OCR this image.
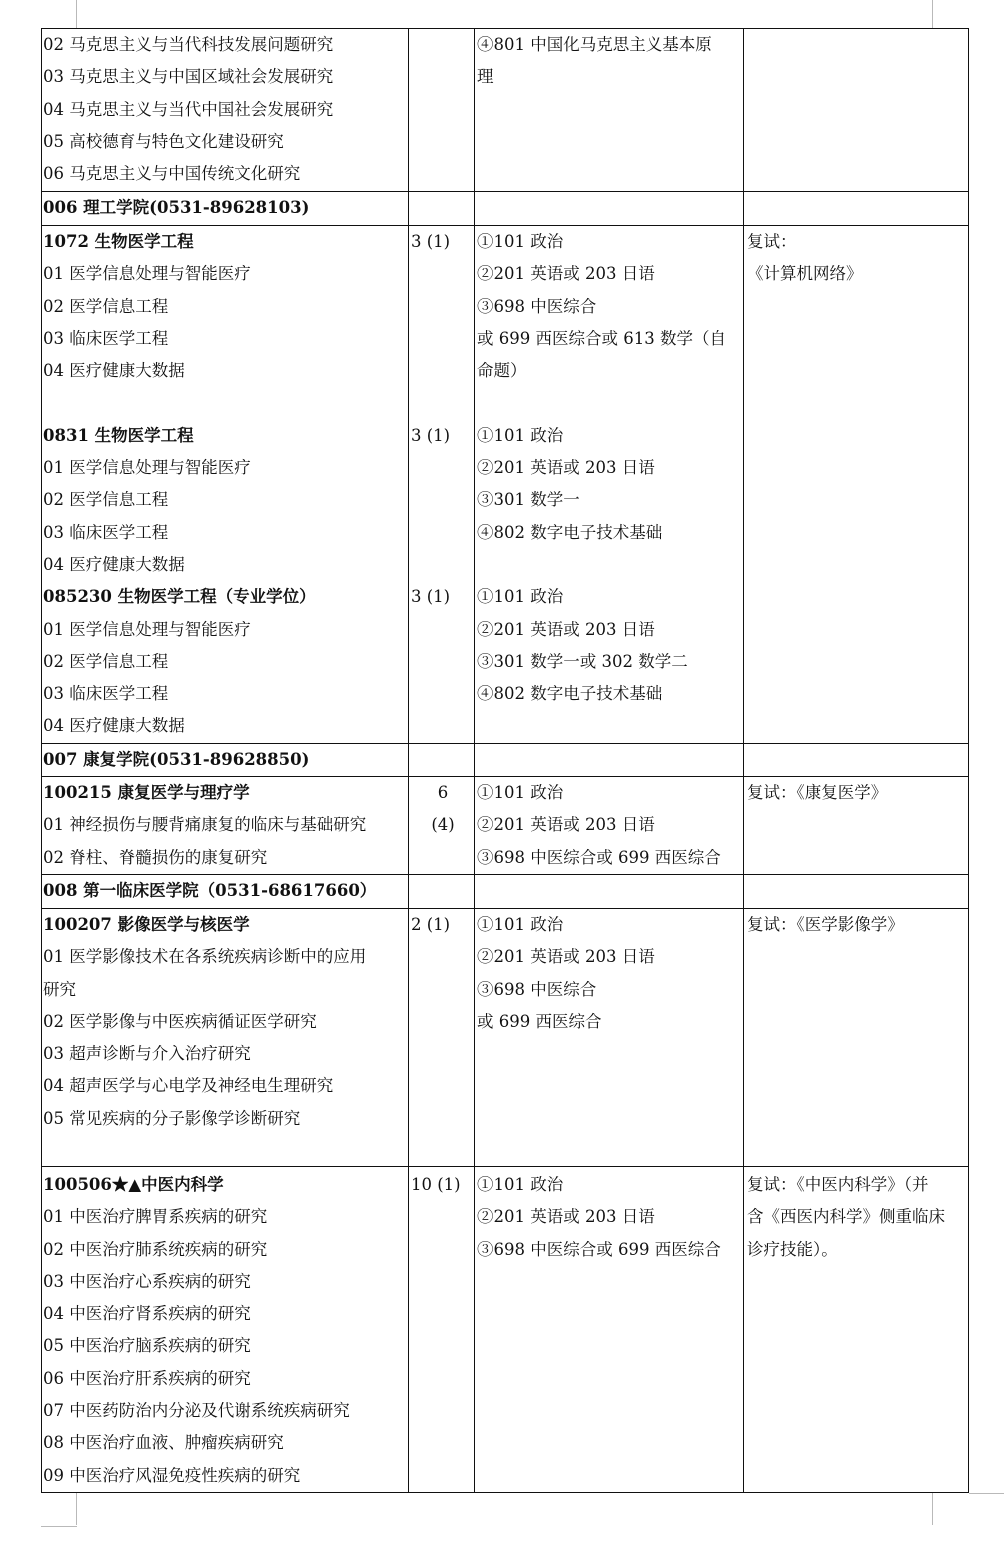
02 马克思主义与当代科技发展问题研究
03 马克思主义与中国区域社会发展研究
04 马克思主义与当代中国社会发展研究
05 高校德育与特色文化建设研究
06 马克思主义与中国传统文化研究
④801 中国化马克思主义基本原
理
006 理工学院(0531-89628103)
1072 生物医学工程
01 医学信息处理与智能医疗
02 医学信息工程
03 临床医学工程
04 医疗健康大数据
0831 生物医学工程
01 医学信息处理与智能医疗
02 医学信息工程
03 临床医学工程
04 医疗健康大数据
085230 生物医学工程（专业学位）
01 医学信息处理与智能医疗
02 医学信息工程
03 临床医学工程
04 医疗健康大数据
3 (1)
3 (1)
3 (1)
①101 政治
②201 英语或 203 日语
③698 中医综合
或 699 西医综合或 613 数学（自
命题）
①101 政治
②201 英语或 203 日语
③301 数学一
④802 数字电子技术基础
①101 政治
②201 英语或 203 日语
③301 数学一或 302 数学二
④802 数字电子技术基础
复试：
《计算机网络》
007 康复学院(0531-89628850)
100215 康复医学与理疗学
01 神经损伤与腰背痛康复的临床与基础研究
02 脊柱、脊髓损伤的康复研究
6
(4)
①101 政治
②201 英语或 203 日语
③698 中医综合或 699 西医综合
复试：《康复医学》
008 第一临床医学院（0531-68617660）
100207 影像医学与核医学
01 医学影像技术在各系统疾病诊断中的应用
研究
02 医学影像与中医疾病循证医学研究
03 超声诊断与介入治疗研究
04 超声医学与心电学及神经电生理研究
05 常见疾病的分子影像学诊断研究
2 (1)	①101 政治
②201 英语或 203 日语
③698 中医综合
或 699 西医综合
复试：《医学影像学》
100506★▲中医内科学
01 中医治疗脾胃系疾病的研究
02 中医治疗肺系统疾病的研究
03 中医治疗心系疾病的研究
04 中医治疗肾系疾病的研究
05 中医治疗脑系疾病的研究
06 中医治疗肝系疾病的研究
07 中医药防治内分泌及代谢系统疾病研究
08 中医治疗血液、肿瘤疾病研究
09 中医治疗风湿免疫性疾病的研究
10 (1) ①101 政治
②201 英语或 203 日语
③698 中医综合或 699 西医综合
复试：《中医内科学》（并
含《西医内科学》侧重临床
诊疗技能）。
